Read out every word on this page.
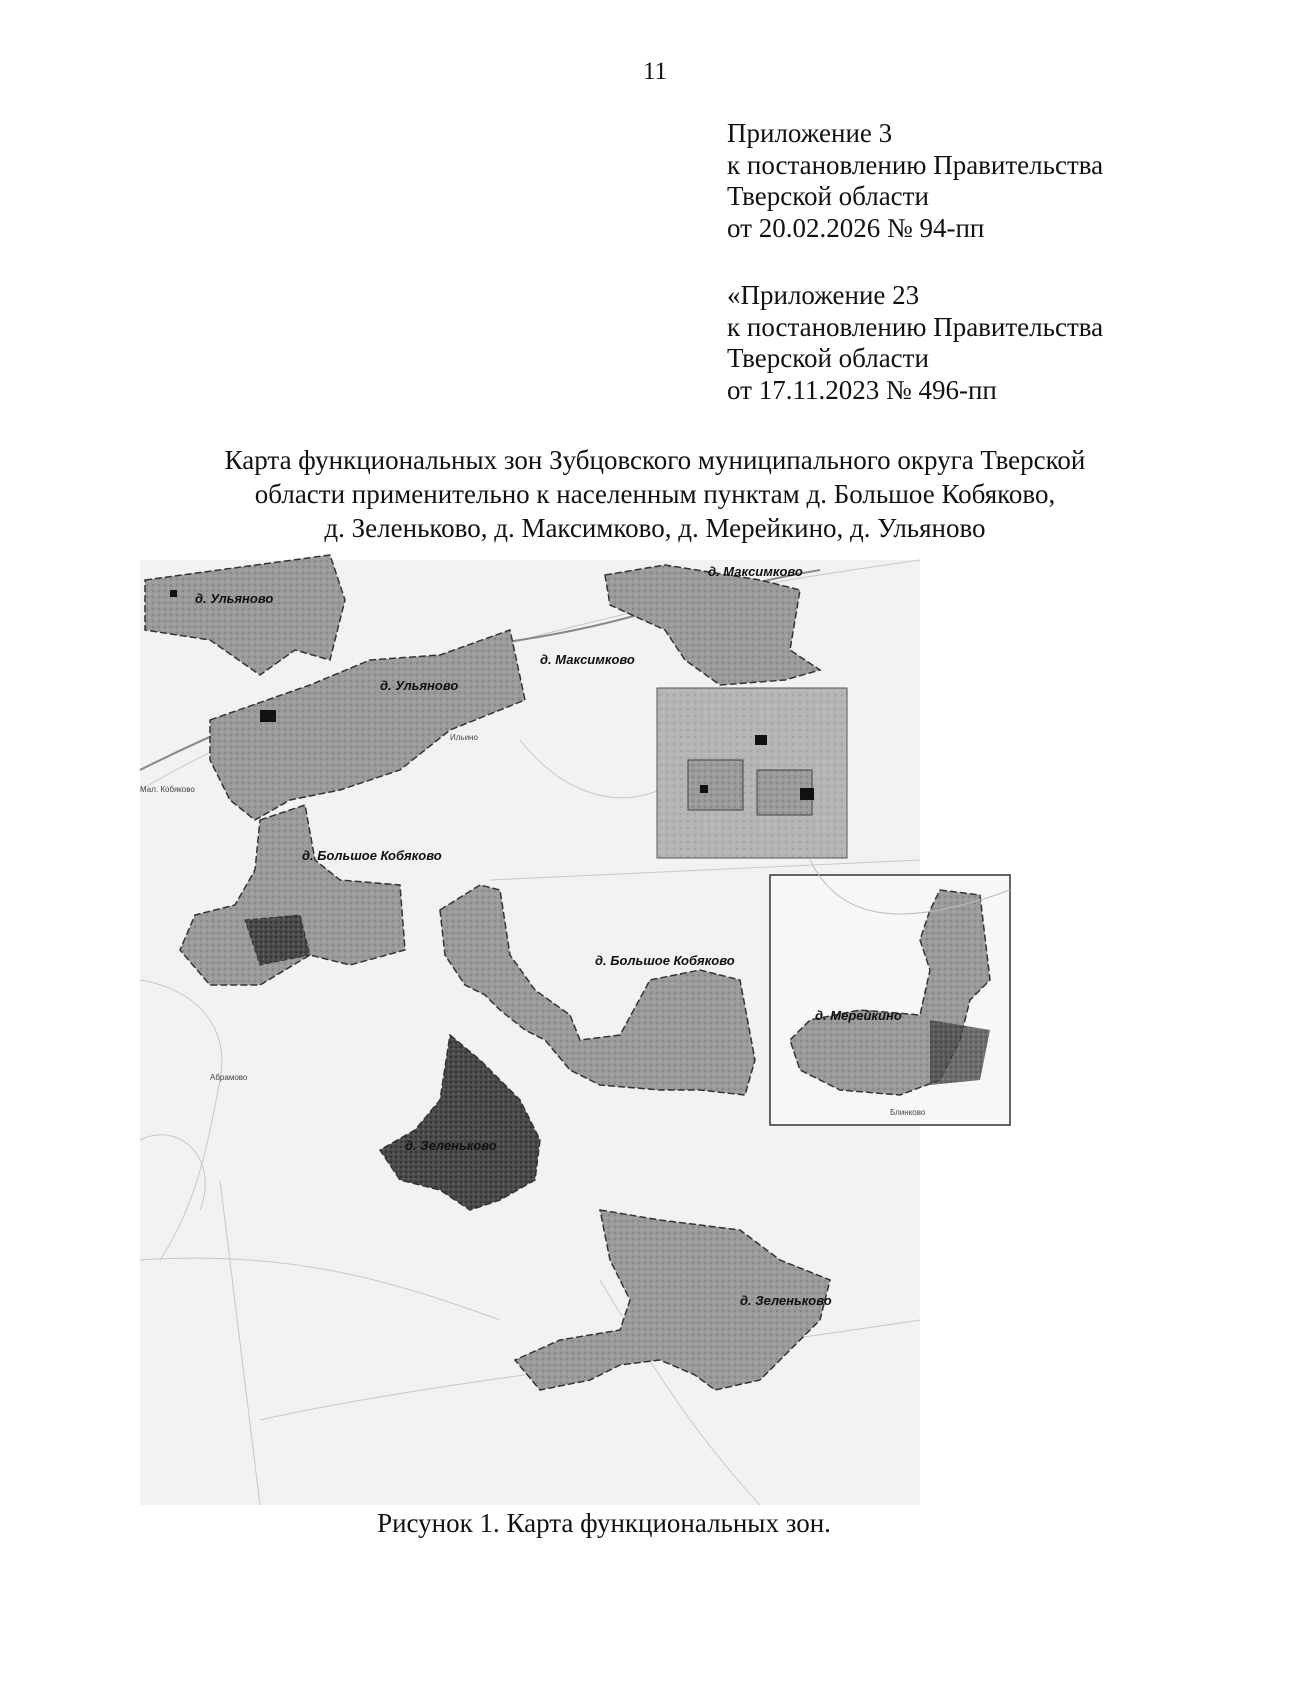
11
Приложение 3
к постановлению Правительства
Тверской области
от 20.02.2026 № 94-пп
«Приложение 23
к постановлению Правительства
Тверской области
от 17.11.2023 № 496-пп
Карта функциональных зон Зубцовского муниципального округа Тверской
области применительно к населенным пунктам д. Большое Кобяково,
д. Зеленьково, д. Максимково, д. Мерейкино, д. Ульяново
Ильино
Мал. Кобяково
Абрамово
Блинково
д. Ульяново
д. Ульяново
д. Максимково
д. Максимково
д. Большое Кобяково
д. Большое Кобяково
д. Зеленьково
д. Зеленьково
д. Мерейкино
Рисунок 1. Карта функциональных зон.
